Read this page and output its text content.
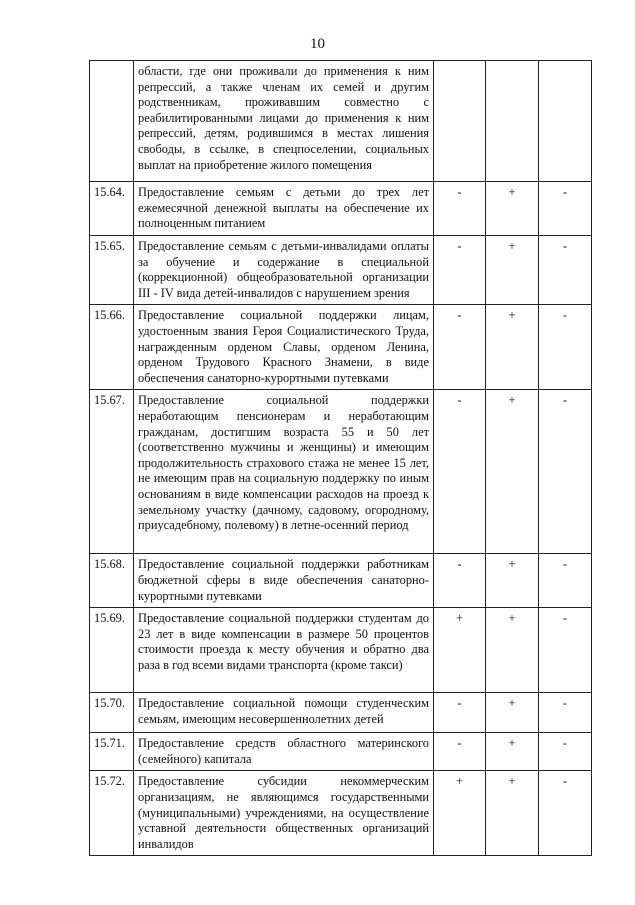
10
	области, где они проживали до применения к ним репрессий, а также членам их семей и другим родственникам, проживавшим совместно с реабилитированными лицами до применения к ним репрессий, детям, родившимся в местах лишения свободы, в ссылке, в спецпоселении, социальных выплат на приобретение жилого помещения			
15.64.	Предоставление семьям с детьми до трех лет ежемесячной денежной выплаты на обеспечение их полноценным питанием	-	+	-
15.65.	Предоставление семьям с детьми-инвалидами оплаты за обучение и содержание в специальной (коррекционной) общеобразовательной организации III - IV вида детей-инвалидов с нарушением зрения	-	+	-
15.66.	Предоставление социальной поддержки лицам, удостоенным звания Героя Социалистического Труда, награжденным орденом Славы, орденом Ленина, орденом Трудового Красного Знамени, в виде обеспечения санаторно-курортными путевками	-	+	-
15.67.	Предоставление социальной поддержки неработающим пенсионерам и неработающим гражданам, достигшим возраста 55 и 50 лет (соответственно мужчины и женщины) и имеющим продолжительность страхового стажа не менее 15 лет, не имеющим прав на социальную поддержку по иным основаниям в виде компенсации расходов на проезд к земельному участку (дачному, садовому, огородному, приусадебному, полевому) в летне-осенний период	-	+	-
15.68.	Предоставление социальной поддержки работникам бюджетной сферы в виде обеспечения санаторно-курортными путевками	-	+	-
15.69.	Предоставление социальной поддержки студентам до 23 лет в виде компенсации в размере 50 процентов стоимости проезда к месту обучения и обратно два раза в год всеми видами транспорта (кроме такси)	+	+	-
15.70.	Предоставление социальной помощи студенческим семьям, имеющим несовершеннолетних детей	-	+	-
15.71.	Предоставление средств областного материнского (семейного) капитала	-	+	-
15.72.	Предоставление субсидии некоммерческим организациям, не являющимся государственными (муниципальными) учреждениями, на осуществление уставной деятельности общественных организаций инвалидов	+	+	-
